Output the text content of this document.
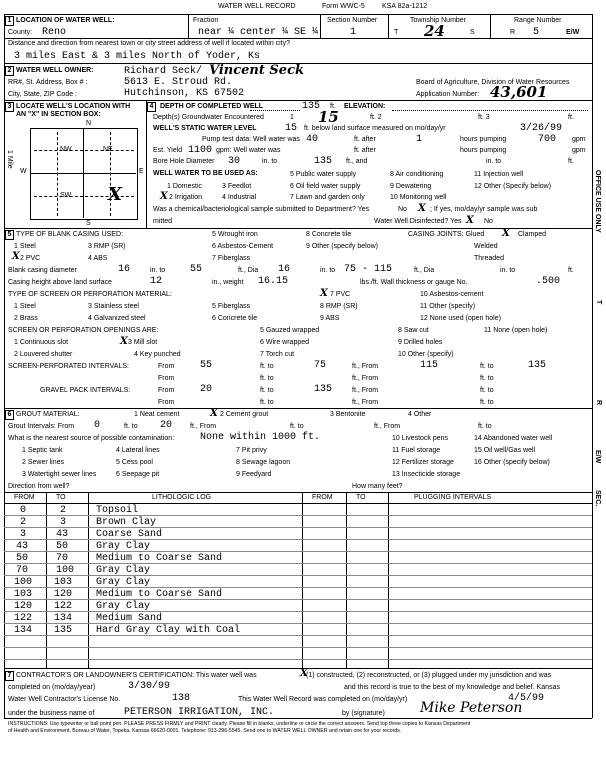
WATER WELL RECORD	Form WWC-5 KSA 82a-1212
1 LOCATION OF WATER WELL:	Fraction	Section Number	Township Number	Range Number
County: Reno	near ¼ center ¼ SE ¼	1	T 24	S	R 5	E/W
Distance and direction from nearest town or city street address of well if located within city?
3 miles East & 3 miles North of Yoder, Ks
2 WATER WELL OWNER:	Richard Seck/ Vincent Seck
RR#, St. Address, Box # :	5613 E. Stroud Rd.	Board of Agriculture, Division of Water Resources
City, State, ZIP Code :	Hutchinson, KS 67502	Application Number: 43,601
3 LOCATE WELL'S LOCATION WITH
AN "X" IN SECTION BOX:
4
N
S
W	E
1 Mile
NW	NE
SW X
DEPTH OF COMPLETED WELL	135 ft. ELEVATION:
Depth(s) Groundwater Encountered	1 15	ft. 2	ft. 3	ft.
WELL'S STATIC WATER LEVEL	15 ft. below land surface measured on mo/day/yr	3/26/99
Pump test data: Well water was 40	ft. after	1	hours pumping	700 gpm
Est. Yield 1100 gpm: Well water was	ft. after	hours pumping	gpm
Bore Hole Diameter 30	in. to	135 ft., and	in. to	ft.
WELL WATER TO BE USED AS:
1 Domestic	3 Feedlot
5 Public water supply	8 Air conditioning	11 Injection well
X 2 Irrigation	4 Industrial
6 Oil field water supply	9 Dewatering	12 Other (Specify below)
7 Lawn and garden only	10 Monitoring well
Was a chemical/bacteriological sample submitted to Department? Yes	No X ; If yes, mo/day/yr sample was sub
mitted	Water Well Disinfected? Yes X No
5 TYPE OF BLANK CASING USED:
1 Steel	3 RMP (SR)
5 Wrought iron
6 Asbestos-Cement
7 Fiberglass
8 Concrete tile
9 Other (specify below)
X 2 PVC	4 ABS
CASING JOINTS: Glued X Clamped
Welded
Threaded
Blank casing diameter	16	in. to 55	ft., Dia 16	in. to 75 - 115	ft., Dia	in. to	ft.
Casing height above land surface	12	in., weight 16.15	lbs./ft. Wall thickness or gauge No.	.500
TYPE OF SCREEN OR PERFORATION MATERIAL:
1 Steel	3 Stainless steel	5 Fiberglass
X 7 PVC	10 Asbestos-cement
2 Brass	4 Galvanized steel	6 Concrete tile
8 RMP (SR)
9 ABS
11 Other (specify)
12 None used (open hole)
SCREEN OR PERFORATION OPENINGS ARE:
1 Continuous slot	X 3 Mill slot
5 Gauzed wrapped	8 Saw cut	11 None (open hole)
2 Louvered shutter	4 Key punched
6 Wire wrapped	9 Drilled holes
7 Torch cut	10 Other (specify)
SCREEN-PERFORATED INTERVALS:	From	55	ft. to	75	ft., From	115	ft. to	135
From	ft. to	ft., From	ft. to
GRAVEL PACK INTERVALS:	From	20	ft. to	135	ft., From	ft. to
From	ft. to	ft., From	ft. to
6 GROUT MATERIAL:	1 Neat cement	X 2 Cement grout	3 Bentonite	4 Other
Grout Intervals: From 0	ft. to 20	ft., From	ft. to	ft., From	ft. to
What is the nearest source of possible contamination:	None within 1000 ft.	10 Livestock pens	14 Abandoned water well
1 Septic tank	4 Lateral lines	7 Pit privy	11 Fuel storage	15 Oil well/Gas well
2 Sewer lines	5 Cess pool	8 Sewage lagoon	12 Fertilizer storage	16 Other (specify below)
3 Watertight sewer lines	6 Seepage pit	9 Feedyard	13 Insecticide storage
Direction from well?	How many feet?
FROM	TO	LITHOLOGIC LOG	FROM	TO	PLUGGING INTERVALS
0	2	Topsoil
2	3	Brown Clay
3	43	Coarse Sand
43	50	Gray Clay
50	70	Medium to Coarse Sand
70	100 Gray Clay
100 103 Gray Clay
103 120 Medium to Coarse Sand
120 122 Gray Clay
122 134 Medium Sand
134 135 Hard Gray Clay with Coal
7 CONTRACTOR'S OR LANDOWNER'S CERTIFICATION: This water well was	X
(1) constructed, (2) reconstructed, or (3) plugged under my jurisdiction and was
completed on (mo/day/year)	3/30/99	and this record is true to the best of my knowledge and belief. Kansas
Water Well Contractor's License No.	138	This Water Well Record was completed on (mo/day/yr)	4/5/99
under the business name of	PETERSON IRRIGATION, INC.	by (signature)	Mike Peterson
INSTRUCTIONS: Use typewriter or ball point pen. PLEASE PRESS FIRMLY and PRINT clearly. Please fill in blanks, underline or circle the correct answers. Send top three copies to Kansas Department
of Health and Environment, Bureau of Water, Topeka, Kansas 66620-0001. Telephone: 913-296-5545. Send one to WATER WELL OWNER and retain one for your records.
OFFICE USE ONLY
T
R
E/W
SEC.
